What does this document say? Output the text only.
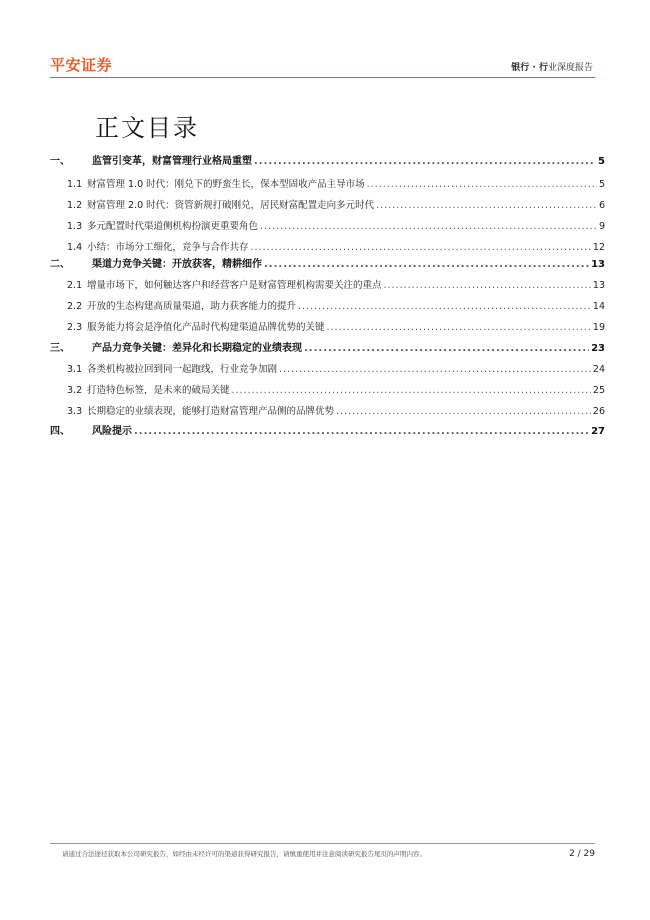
平安证券	银行 · 行业深度报告
正文目录
一、	监管引变革，财富管理行业格局重塑 .....	5
1.1 财富管理 1.0 时代：刚兑下的野蛮生长，保本型固收产品主导市场 .....	5
1.2 财富管理 2.0 时代：资管新规打破刚兑，居民财富配置走向多元时代 .....	6
1.3 多元配置时代渠道侧机构扮演更重要角色 .....	9
1.4 小结：市场分工细化，竞争与合作共存 .....	12
二、	渠道力竞争关键：开放获客，精耕细作 .....	13
2.1 增量市场下，如何触达客户和经营客户是财富管理机构需要关注的重点 .....	13
2.2 开放的生态构建高质量渠道，助力获客能力的提升 .....	14
2.3 服务能力将会是净值化产品时代构建渠道品牌优势的关键 .....	19
三、	产品力竞争关键：差异化和长期稳定的业绩表现 .....	23
3.1 各类机构被拉回到同一起跑线，行业竞争加剧 .....	24
3.2 打造特色标签，是未来的破局关键 .....	25
3.3 长期稳定的业绩表现，能够打造财富管理产品侧的品牌优势 .....	26
四、	风险提示 .....	27
请通过合法途径获取本公司研究报告，如经由未经许可的渠道获得研究报告，请慎重使用并注意阅读研究报告尾页的声明内容。	2 / 29
